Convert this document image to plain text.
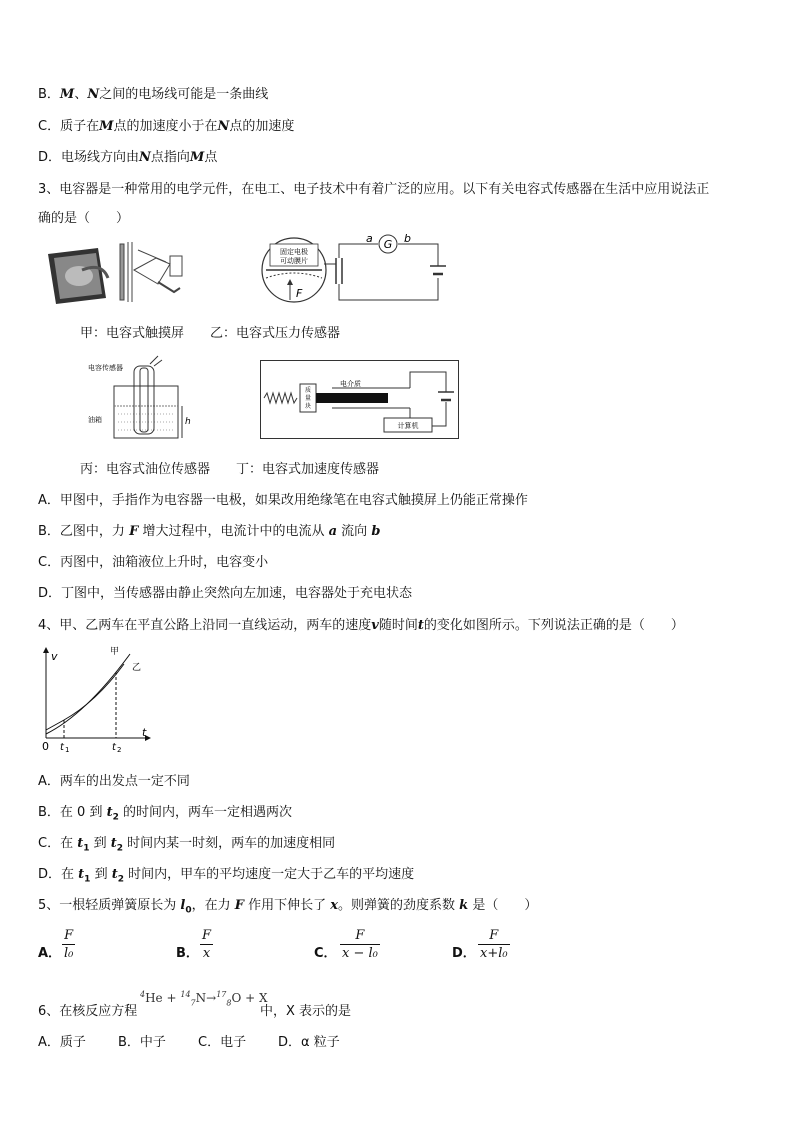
B．M、N之间的电场线可能是一条曲线
C．质子在M点的加速度小于在N点的加速度
D．电场线方向由N点指向M点
3、电容器是一种常用的电学元件，在电工、电子技术中有着广泛的应用。以下有关电容式传感器在生活中应用说法正
确的是（　　）
固定电极
可动膜片
F
G
a	b
甲：电容式触摸屏　　乙：电容式压力传感器
电容传感器
油箱	h
质
量
块
电介质
计算机
丙：电容式油位传感器　　丁：电容式加速度传感器
A．甲图中，手指作为电容器一电极，如果改用绝缘笔在电容式触摸屏上仍能正常操作
B．乙图中，力 F 增大过程中，电流计中的电流从 a 流向 b
C．丙图中，油箱液位上升时，电容变小
D．丁图中，当传感器由静止突然向左加速，电容器处于充电状态
4、甲、乙两车在平直公路上沿同一直线运动，两车的速度v随时间t的变化如图所示。下列说法正确的是（　　）
v
t
0
甲
乙
t 1	t 2
A．两车的出发点一定不同
B．在 0 到 $t_2$ 的时间内，两车一定相遇两次
C．在 $t_1$ 到 $t_2$ 时间内某一时刻，两车的加速度相同
D．在 $t_1$ 到 $t_2$ 时间内，甲车的平均速度一定大于乙车的平均速度
5、一根轻质弹簧原长为 $l_0$，在力 F 作用下伸长了 x。则弹簧的劲度系数 k 是（　　）
A．
F
l₀	B．
F
x	C．
F
x − l₀	D．
F
x+l₀
6、在核反应方程
$^4$He + $^{14}_7$N→$^{17}_8$O + X
中，X 表示的是
A．质子 B．中子 C．电子 D．α 粒子
